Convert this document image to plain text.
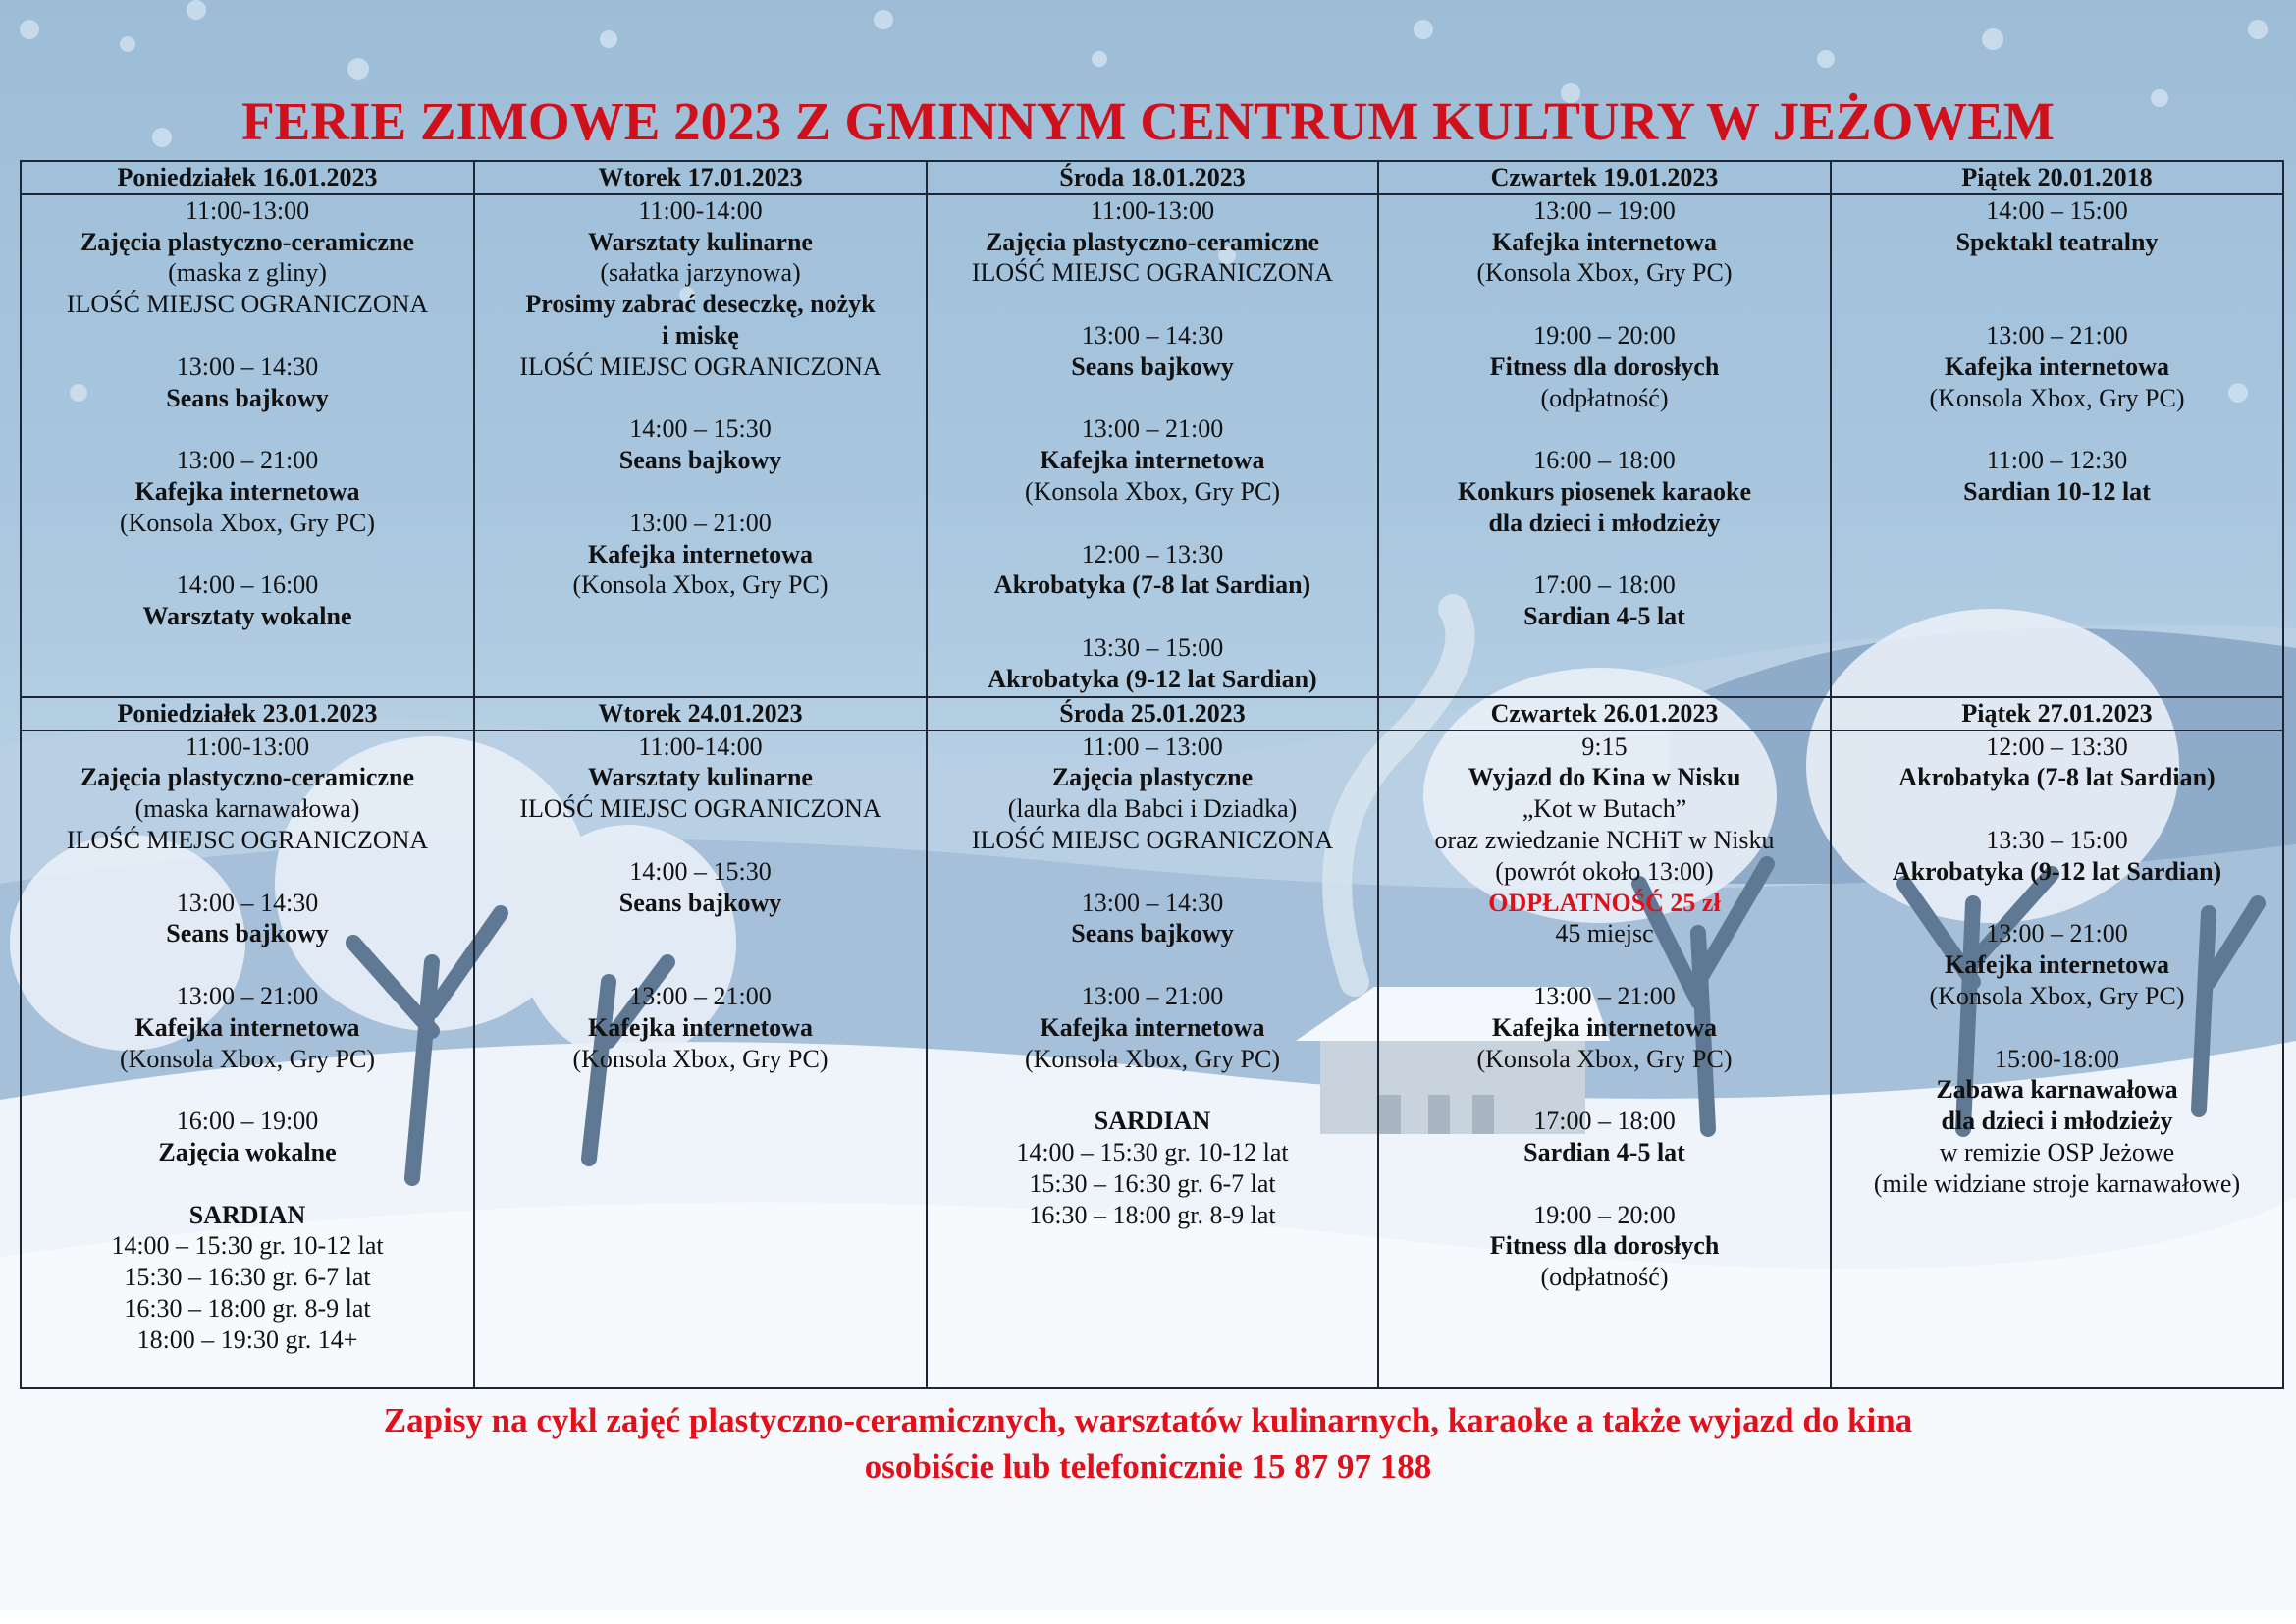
FERIE ZIMOWE 2023 Z GMINNYM CENTRUM KULTURY W JEŻOWEM
Poniedziałek 16.01.2023	Wtorek 17.01.2023	Środa 18.01.2023	Czwartek 19.01.2023	Piątek 20.01.2018

11:00-13:00
Zajęcia plastyczno-ceramiczne
(maska z gliny)
ILOŚĆ MIEJSC OGRANICZONA
13:00 – 14:30
Seans bajkowy
13:00 – 21:00
Kafejka internetowa
(Konsola Xbox, Gry PC)
14:00 – 16:00
Warsztaty wokalne

11:00-14:00
Warsztaty kulinarne
(sałatka jarzynowa)
Prosimy zabrać deseczkę, nożyk
i miskę
ILOŚĆ MIEJSC OGRANICZONA
14:00 – 15:30
Seans bajkowy
13:00 – 21:00
Kafejka internetowa
(Konsola Xbox, Gry PC)

11:00-13:00
Zajęcia plastyczno-ceramiczne
ILOŚĆ MIEJSC OGRANICZONA
13:00 – 14:30
Seans bajkowy
13:00 – 21:00
Kafejka internetowa
(Konsola Xbox, Gry PC)
12:00 – 13:30
Akrobatyka (7-8 lat Sardian)
13:30 – 15:00
Akrobatyka (9-12 lat Sardian)

13:00 – 19:00
Kafejka internetowa
(Konsola Xbox, Gry PC)
19:00 – 20:00
Fitness dla dorosłych
(odpłatność)
16:00 – 18:00
Konkurs piosenek karaoke
dla dzieci i młodzieży
17:00 – 18:00
Sardian 4-5 lat

14:00 – 15:00
Spektakl teatralny
13:00 – 21:00
Kafejka internetowa
(Konsola Xbox, Gry PC)
11:00 – 12:30
Sardian 10-12 lat

Poniedziałek 23.01.2023	Wtorek 24.01.2023	Środa 25.01.2023	Czwartek 26.01.2023	Piątek 27.01.2023

11:00-13:00
Zajęcia plastyczno-ceramiczne
(maska karnawałowa)
ILOŚĆ MIEJSC OGRANICZONA
13:00 – 14:30
Seans bajkowy
13:00 – 21:00
Kafejka internetowa
(Konsola Xbox, Gry PC)
16:00 – 19:00
Zajęcia wokalne
SARDIAN
14:00 – 15:30 gr. 10-12 lat
15:30 – 16:30 gr. 6-7 lat
16:30 – 18:00 gr. 8-9 lat
18:00 – 19:30 gr. 14+

11:00-14:00
Warsztaty kulinarne
ILOŚĆ MIEJSC OGRANICZONA
14:00 – 15:30
Seans bajkowy
13:00 – 21:00
Kafejka internetowa
(Konsola Xbox, Gry PC)

11:00 – 13:00
Zajęcia plastyczne
(laurka dla Babci i Dziadka)
ILOŚĆ MIEJSC OGRANICZONA
13:00 – 14:30
Seans bajkowy
13:00 – 21:00
Kafejka internetowa
(Konsola Xbox, Gry PC)
SARDIAN
14:00 – 15:30 gr. 10-12 lat
15:30 – 16:30 gr. 6-7 lat
16:30 – 18:00 gr. 8-9 lat

9:15
Wyjazd do Kina w Nisku
„Kot w Butach”
oraz zwiedzanie NCHiT w Nisku
(powrót około 13:00)
ODPŁATNOŚĆ 25 zł
45 miejsc
13:00 – 21:00
Kafejka internetowa
(Konsola Xbox, Gry PC)
17:00 – 18:00
Sardian 4-5 lat
19:00 – 20:00
Fitness dla dorosłych
(odpłatność)

12:00 – 13:30
Akrobatyka (7-8 lat Sardian)
13:30 – 15:00
Akrobatyka (9-12 lat Sardian)
13:00 – 21:00
Kafejka internetowa
(Konsola Xbox, Gry PC)
15:00-18:00
Zabawa karnawałowa
dla dzieci i młodzieży
w remizie OSP Jeżowe
(mile widziane stroje karnawałowe)
Zapisy na cykl zajęć plastyczno-ceramicznych, warsztatów kulinarnych, karaoke a także wyjazd do kina
osobiście lub telefonicznie 15 87 97 188
